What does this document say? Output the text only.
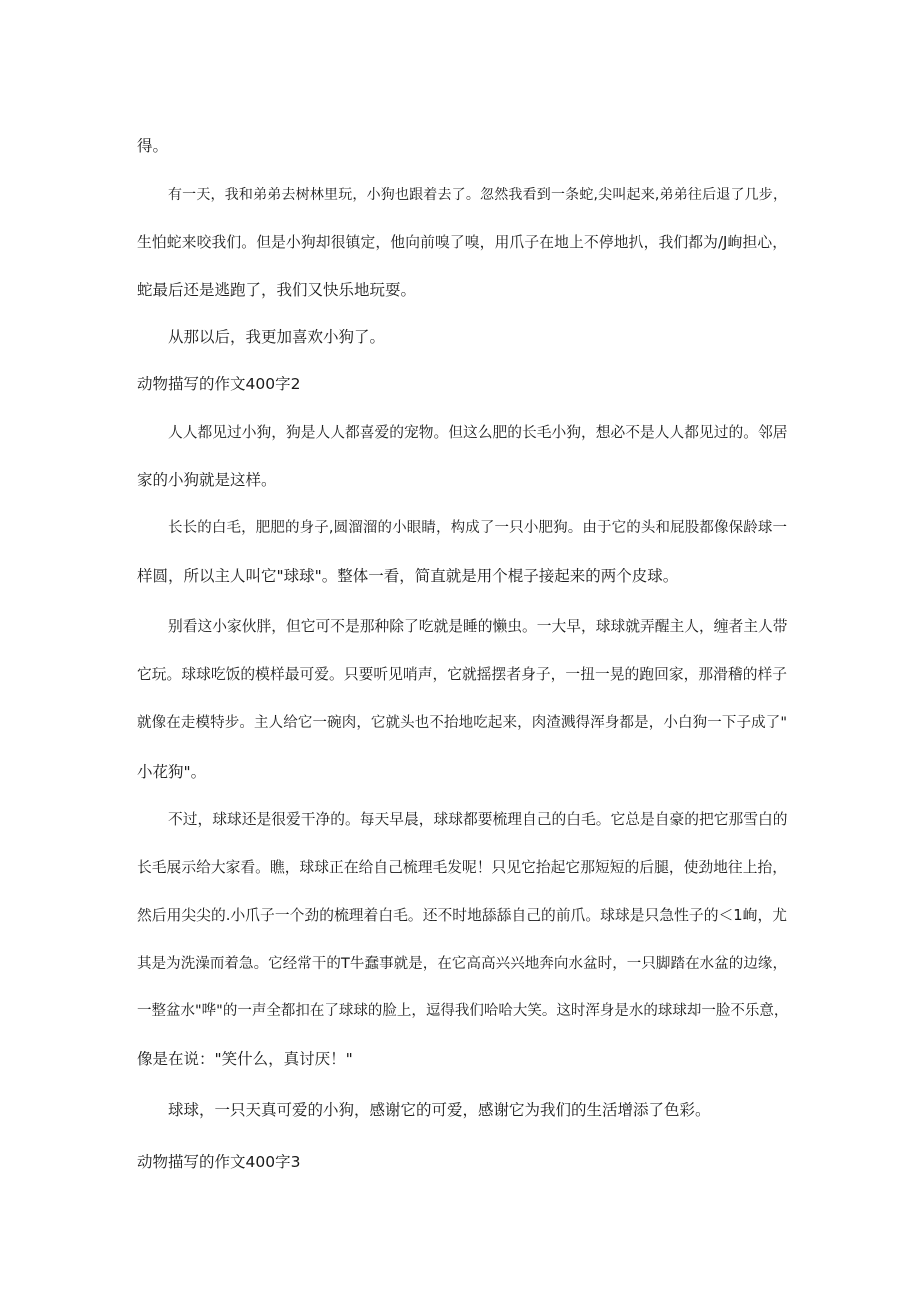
得。
有一天，我和弟弟去树林里玩，小狗也跟着去了。忽然我看到一条蛇,尖叫起来,弟弟往后退了几步，
生怕蛇来咬我们。但是小狗却很镇定，他向前嗅了嗅，用爪子在地上不停地扒，我们都为/J峋担心，
蛇最后还是逃跑了，我们又快乐地玩耍。
从那以后，我更加喜欢小狗了。
动物描写的作文400字2
人人都见过小狗，狗是人人都喜爱的宠物。但这么肥的长毛小狗，想必不是人人都见过的。邻居
家的小狗就是这样。
长长的白毛，肥肥的身子,圆溜溜的小眼睛，构成了一只小肥狗。由于它的头和屁股都像保龄球一
样圆，所以主人叫它"球球"。整体一看，简直就是用个棍子接起来的两个皮球。
别看这小家伙胖，但它可不是那种除了吃就是睡的懒虫。一大早，球球就弄醒主人，缠者主人带
它玩。球球吃饭的模样最可爱。只要听见哨声，它就摇摆者身子，一扭一晃的跑回家，那滑稽的样子
就像在走模特步。主人给它一碗肉，它就头也不抬地吃起来，肉渣溅得浑身都是，小白狗一下子成了"
小花狗"。
不过，球球还是很爱干净的。每天早晨，球球都要梳理自己的白毛。它总是自豪的把它那雪白的
长毛展示给大家看。瞧，球球正在给自己梳理毛发呢！只见它抬起它那短短的后腿，使劲地往上抬，
然后用尖尖的.小爪子一个劲的梳理着白毛。还不时地舔舔自己的前爪。球球是只急性子的＜1峋，尤
其是为洗澡而着急。它经常干的T牛蠢事就是，在它高高兴兴地奔向水盆时，一只脚踏在水盆的边缘，
一整盆水"哗"的一声全都扣在了球球的脸上，逗得我们哈哈大笑。这时浑身是水的球球却一脸不乐意，
像是在说："笑什么，真讨厌！"
球球，一只天真可爱的小狗，感谢它的可爱，感谢它为我们的生活增添了色彩。
动物描写的作文400字3
